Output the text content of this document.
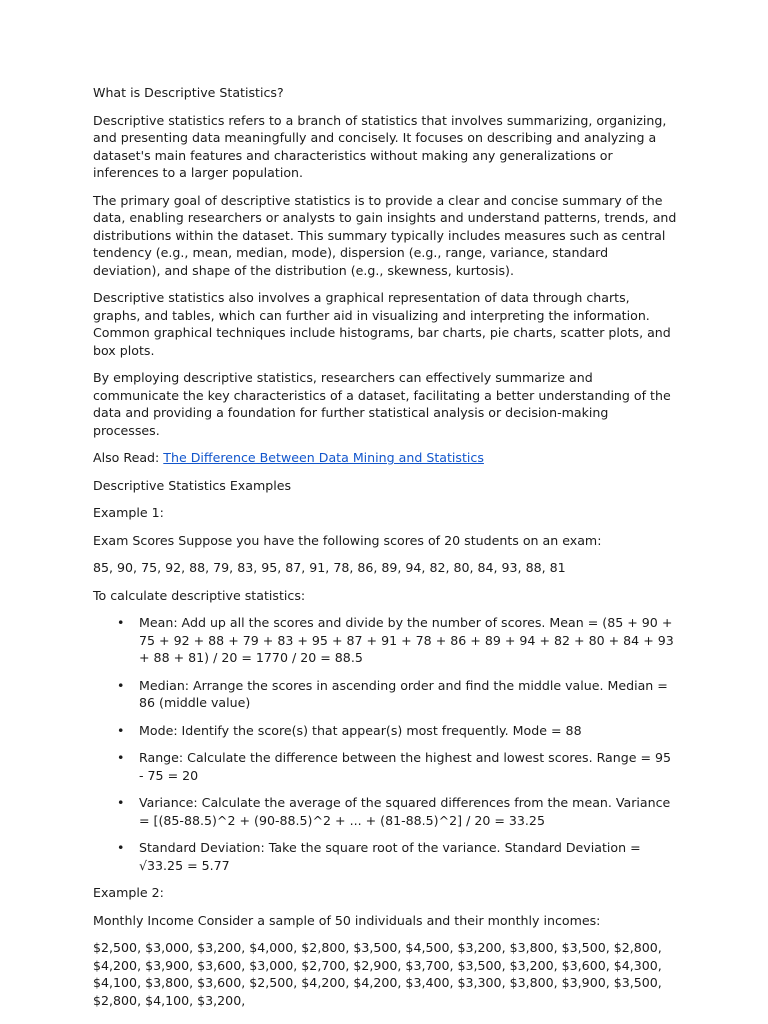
What is Descriptive Statistics?

Descriptive statistics refers to a branch of statistics that involves summarizing, organizing, and presenting data meaningfully and concisely. It focuses on describing and analyzing a dataset's main features and characteristics without making any generalizations or inferences to a larger population.

The primary goal of descriptive statistics is to provide a clear and concise summary of the data, enabling researchers or analysts to gain insights and understand patterns, trends, and distributions within the dataset. This summary typically includes measures such as central tendency (e.g., mean, median, mode), dispersion (e.g., range, variance, standard deviation), and shape of the distribution (e.g., skewness, kurtosis).

Descriptive statistics also involves a graphical representation of data through charts, graphs, and tables, which can further aid in visualizing and interpreting the information. Common graphical techniques include histograms, bar charts, pie charts, scatter plots, and box plots.

By employing descriptive statistics, researchers can effectively summarize and communicate the key characteristics of a dataset, facilitating a better understanding of the data and providing a foundation for further statistical analysis or decision-making processes.

Also Read: The Difference Between Data Mining and Statistics

Descriptive Statistics Examples

Example 1:

Exam Scores Suppose you have the following scores of 20 students on an exam:

85, 90, 75, 92, 88, 79, 83, 95, 87, 91, 78, 86, 89, 94, 82, 80, 84, 93, 88, 81

To calculate descriptive statistics:

• Mean: Add up all the scores and divide by the number of scores. Mean = (85 + 90 + 75 + 92 + 88 + 79 + 83 + 95 + 87 + 91 + 78 + 86 + 89 + 94 + 82 + 80 + 84 + 93 + 88 + 81) / 20 = 1770 / 20 = 88.5
• Median: Arrange the scores in ascending order and find the middle value. Median = 86 (middle value)
• Mode: Identify the score(s) that appear(s) most frequently. Mode = 88
• Range: Calculate the difference between the highest and lowest scores. Range = 95 - 75 = 20
• Variance: Calculate the average of the squared differences from the mean. Variance = [(85-88.5)^2 + (90-88.5)^2 + ... + (81-88.5)^2] / 20 = 33.25
• Standard Deviation: Take the square root of the variance. Standard Deviation = √33.25 = 5.77

Example 2:

Monthly Income Consider a sample of 50 individuals and their monthly incomes:

$2,500, $3,000, $3,200, $4,000, $2,800, $3,500, $4,500, $3,200, $3,800, $3,500, $2,800, $4,200, $3,900, $3,600, $3,000, $2,700, $2,900, $3,700, $3,500, $3,200, $3,600, $4,300, $4,100, $3,800, $3,600, $2,500, $4,200, $4,200, $3,400, $3,300, $3,800, $3,900, $3,500, $2,800, $4,100, $3,200,
